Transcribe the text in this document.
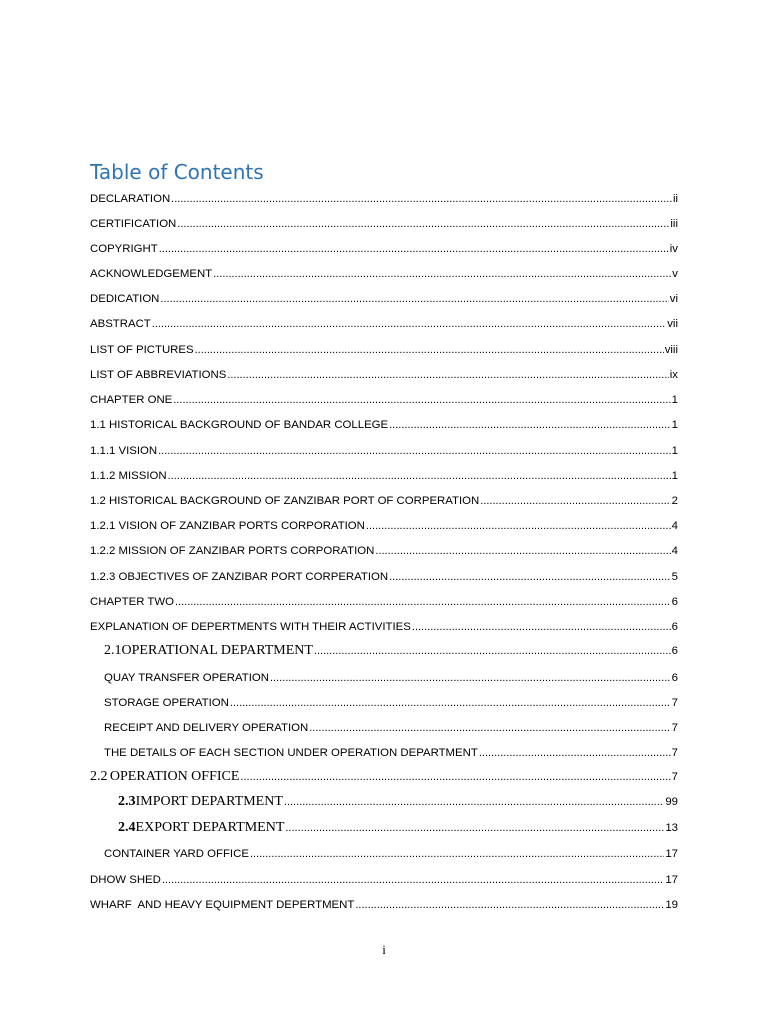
Table of Contents
DECLARATION .....	ii
CERTIFICATION .....	iii
COPYRIGHT .....	iv
ACKNOWLEDGEMENT .....	v
DEDICATION .....	vi
ABSTRACT .....	vii
LIST OF PICTURES .....	viii
LIST OF ABBREVIATIONS .....	ix
CHAPTER ONE .....	1
1.1 HISTORICAL BACKGROUND OF BANDAR COLLEGE .....	1
1.1.1 VISION .....	1
1.1.2 MISSION .....	1
1.2 HISTORICAL BACKGROUND OF ZANZIBAR PORT OF CORPERATION .....	2
1.2.1 VISION OF ZANZIBAR PORTS CORPORATION .....	4
1.2.2 MISSION OF ZANZIBAR PORTS CORPORATION .....	4
1.2.3 OBJECTIVES OF ZANZIBAR PORT CORPERATION .....	5
CHAPTER TWO .....	6
EXPLANATION OF DEPERTMENTS WITH THEIR ACTIVITIES .....	6
2.1 OPERATIONAL DEPARTMENT .....	6
QUAY TRANSFER OPERATION .....	6
STORAGE OPERATION .....	7
RECEIPT AND DELIVERY OPERATION .....	7
THE DETAILS OF EACH SECTION UNDER OPERATION DEPARTMENT .....	7
2.2 OPERATION OFFICE .....	7
2.3 IMPORT DEPARTMENT .....	99
2.4 EXPORT DEPARTMENT .....	13
CONTAINER YARD OFFICE .....	17
DHOW SHED .....	17
WHARF  AND HEAVY EQUIPMENT DEPERTMENT .....	19
i
